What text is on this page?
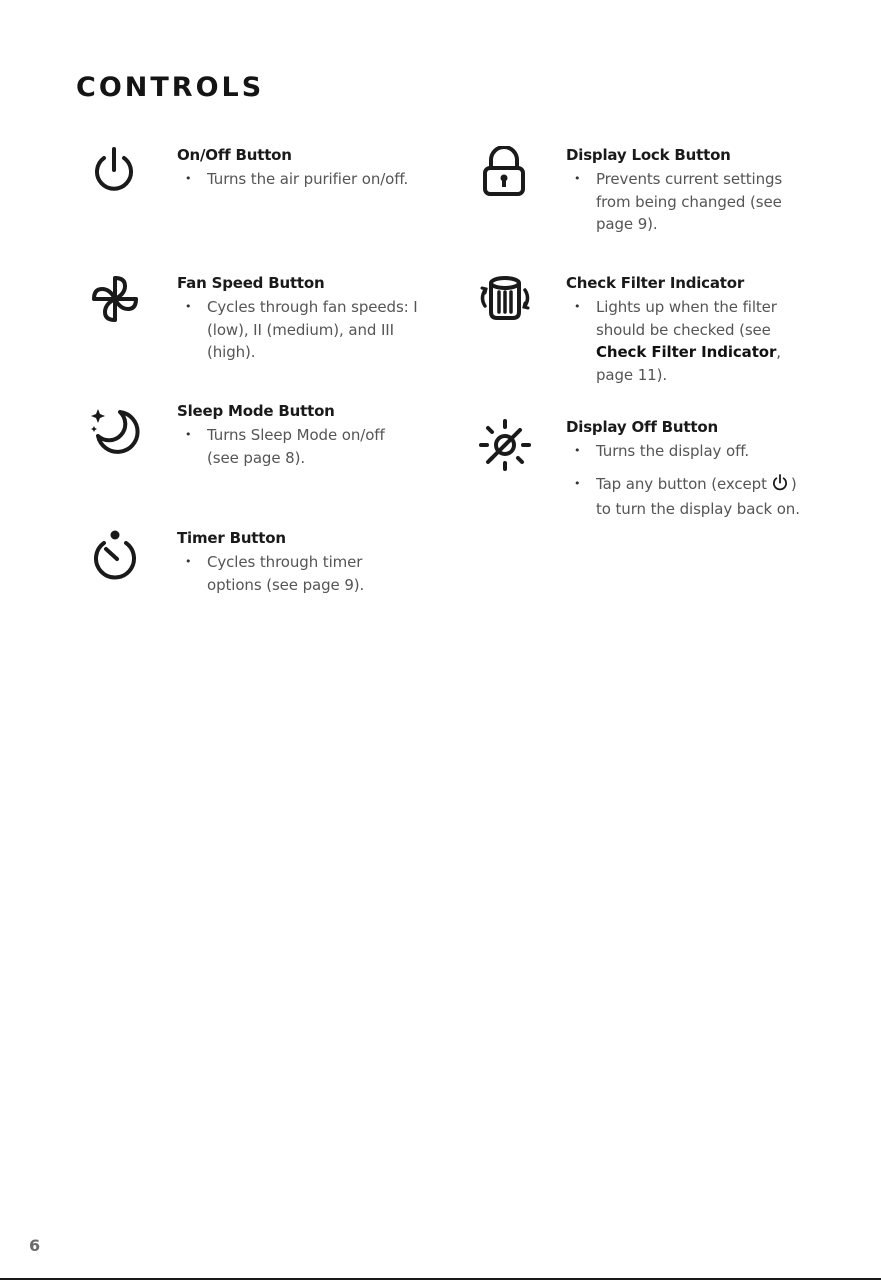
CONTROLS
On/Off Button
• Turns the air purifier on/off.
Fan Speed Button
• Cycles through fan speeds: I (low), II (medium), and III (high).
Sleep Mode Button
• Turns Sleep Mode on/off (see page 8).
Timer Button
• Cycles through timer options (see page 9).
Display Lock Button
• Prevents current settings from being changed (see page 9).
Check Filter Indicator
• Lights up when the filter should be checked (see Check Filter Indicator, page 11).
Display Off Button
• Turns the display off.
• Tap any button (except ) to turn the display back on.
6
